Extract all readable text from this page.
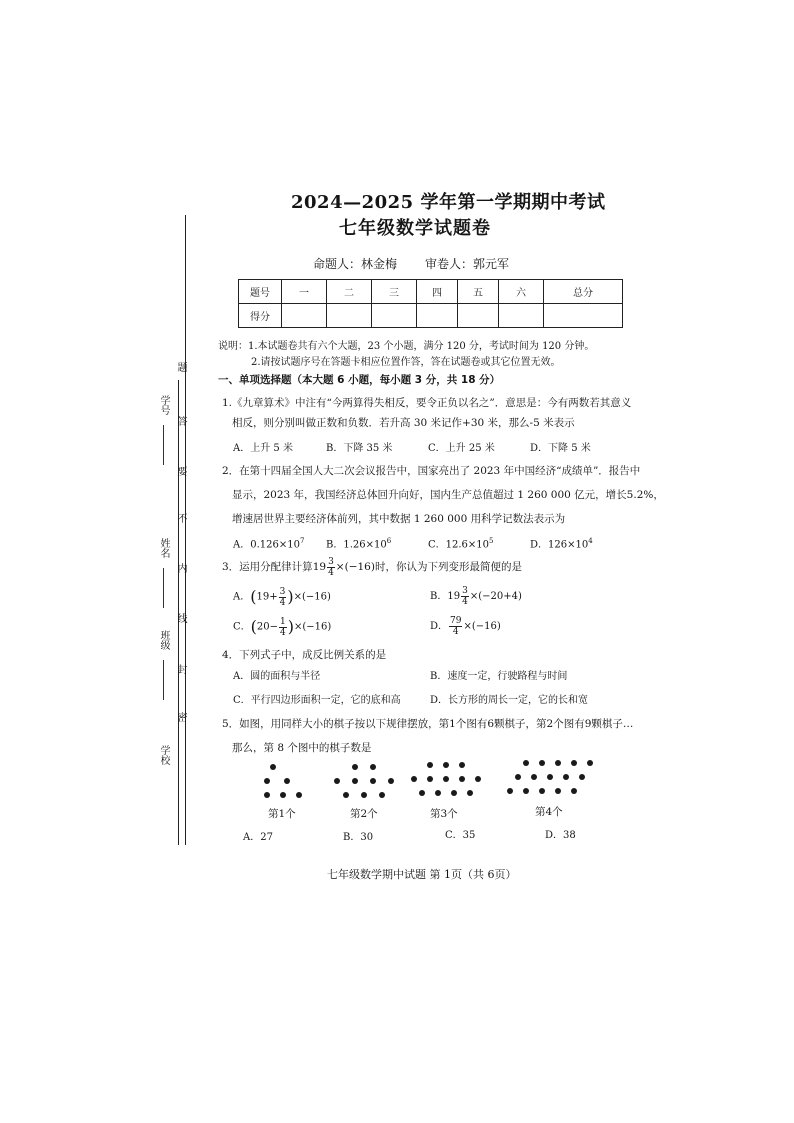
题
答
要
不
内
线
封
密
学号
姓名
班级
学校
2024—2025 学年第一学期期中考试
七年级数学试题卷
命题人：林金梅 审卷人：郭元军
题号	一	二	三	四	五	六	总分
得分							
说明：1.本试题卷共有六个大题，23 个小题，满分 120 分，考试时间为 120 分钟。
2.请按试题序号在答题卡相应位置作答，答在试题卷或其它位置无效。
一、单项选择题（本大题 6 小题，每小题 3 分，共 18 分）
1.《九章算术》中注有“今两算得失相反，要令正负以名之”．意思是：今有两数若其意义
相反，则分别叫做正数和负数．若升高 30 米记作+30 米，那么-5 米表示
A．上升 5 米	B．下降 35 米	C．上升 25 米	D．下降 5 米
2．在第十四届全国人大二次会议报告中，国家亮出了 2023 年中国经济“成绩单”．报告中
显示，2023 年，我国经济总体回升向好，国内生产总值超过 1 260 000 亿元，增长5.2%，
增速居世界主要经济体前列，其中数据 1 260 000 用科学记数法表示为
A．$0.126\times 10^7$ B．$1.26\times 10^6$	C．$12.6\times 10^5$	D．$126\times 10^4$
3．运用分配律计算$19 \frac{3}{4} \times(-16)$时，你认为下列变形最简便的是
A．$(19+ \frac{3}{4} )\times(-16)$	B．$19 \frac{3}{4} \times(-20+4)$
C．$(20- \frac{1}{4} )\times(-16)$	D． $\frac{79}{4} \times(-16)$
4．下列式子中，成反比例关系的是
A．圆的面积与半径	B．速度一定，行驶路程与时间
C．平行四边形面积一定，它的底和高	D．长方形的周长一定，它的长和宽
5．如图，用同样大小的棋子按以下规律摆放，第1个图有6颗棋子，第2个图有9颗棋子…
那么，第 8 个图中的棋子数是
第1个	第2个	第3个	第4个
A．27	B．30	C．35	D．38
七年级数学期中试题 第 1页（共 6页）
